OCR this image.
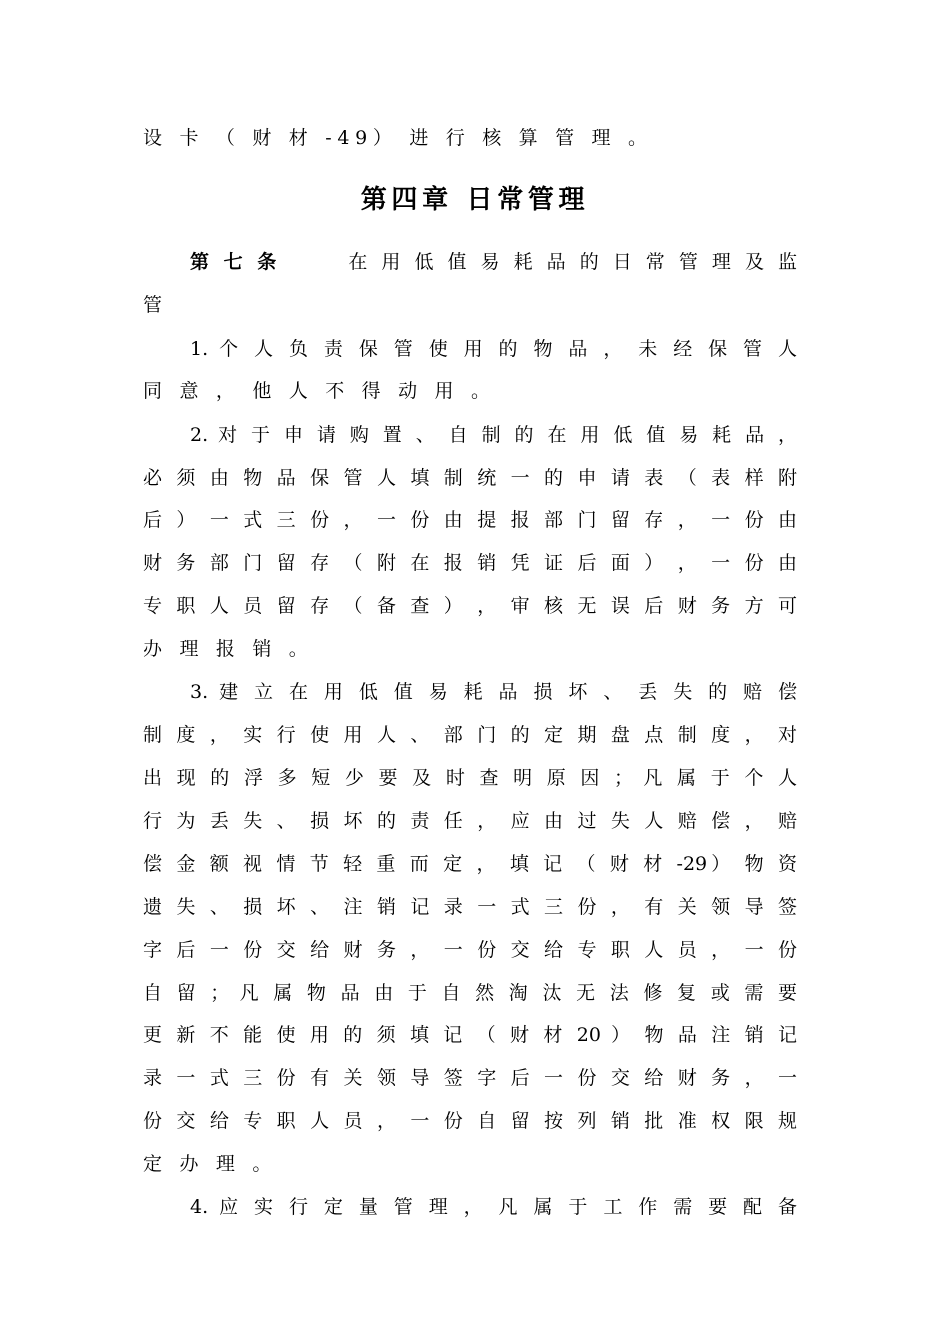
设 卡 （ 财 材 -49） 进 行 核 算 管 理 。
第四章 日常管理
第 七 条	在 用 低 值 易 耗 品 的 日 常 管 理 及 监
管
1. 个 人 负 责 保 管 使 用 的 物 品 ， 未 经 保 管 人
同 意 ， 他 人 不 得 动 用 。
2. 对 于 申 请 购 置 、 自 制 的 在 用 低 值 易 耗 品 ，
必 须 由 物 品 保 管 人 填 制 统 一 的 申 请 表 （ 表 样 附
后 ） 一 式 三 份 ， 一 份 由 提 报 部 门 留 存 ， 一 份 由
财 务 部 门 留 存 （ 附 在 报 销 凭 证 后 面 ） ， 一 份 由
专 职 人 员 留 存 （ 备 查 ） ， 审 核 无 误 后 财 务 方 可
办 理 报 销 。
3. 建 立 在 用 低 值 易 耗 品 损 坏 、 丢 失 的 赔 偿
制 度 ， 实 行 使 用 人 、 部 门 的 定 期 盘 点 制 度 ， 对
出 现 的 浮 多 短 少 要 及 时 查 明 原 因 ； 凡 属 于 个 人
行 为 丢 失 、 损 坏 的 责 任 ， 应 由 过 失 人 赔 偿 ， 赔
偿 金 额 视 情 节 轻 重 而 定 ， 填 记 （ 财 材 -29） 物 资
遗 失 、 损 坏 、 注 销 记 录 一 式 三 份 ， 有 关 领 导 签
字 后 一 份 交 给 财 务 ， 一 份 交 给 专 职 人 员 ， 一 份
自 留 ； 凡 属 物 品 由 于 自 然 淘 汰 无 法 修 复 或 需 要
更 新 不 能 使 用 的 须 填 记 （ 财 材 20 ） 物 品 注 销 记
录 一 式 三 份 有 关 领 导 签 字 后 一 份 交 给 财 务 ， 一
份 交 给 专 职 人 员 ， 一 份 自 留 按 列 销 批 准 权 限 规
定 办 理 。
4. 应 实 行 定 量 管 理 ， 凡 属 于 工 作 需 要 配 备
